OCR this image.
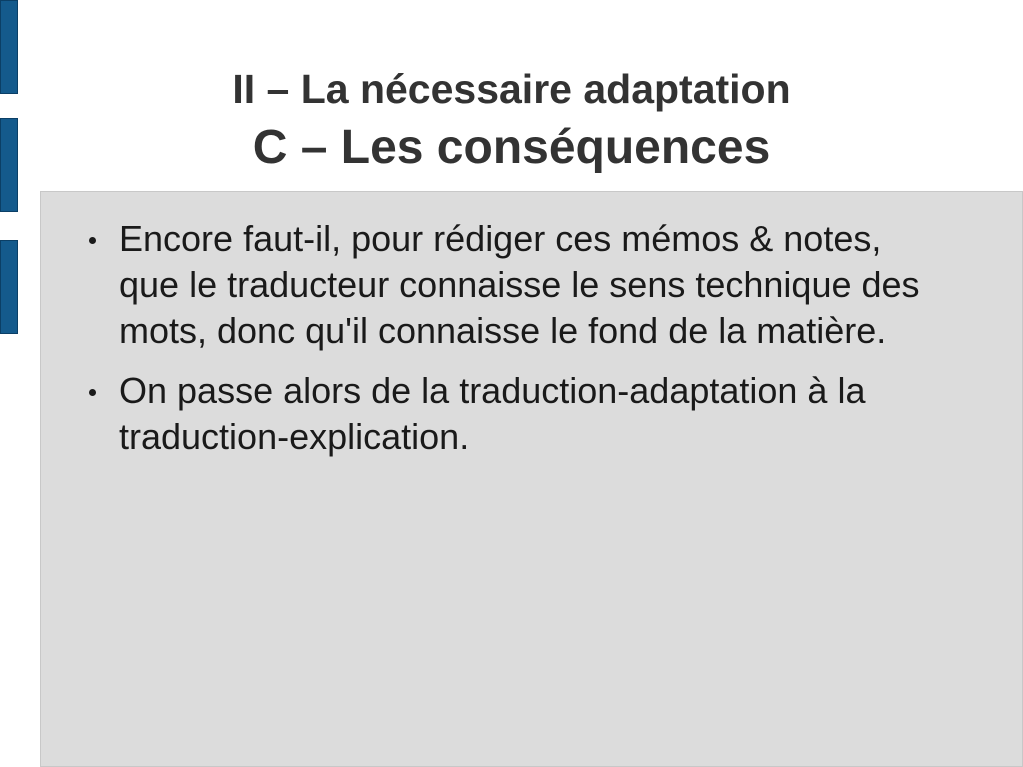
II – La nécessaire adaptation
C – Les conséquences
Encore faut-il, pour rédiger ces mémos & notes, que le traducteur connaisse le sens technique des mots, donc qu'il connaisse le fond de la matière.
On passe alors de la traduction-adaptation à la traduction-explication.
